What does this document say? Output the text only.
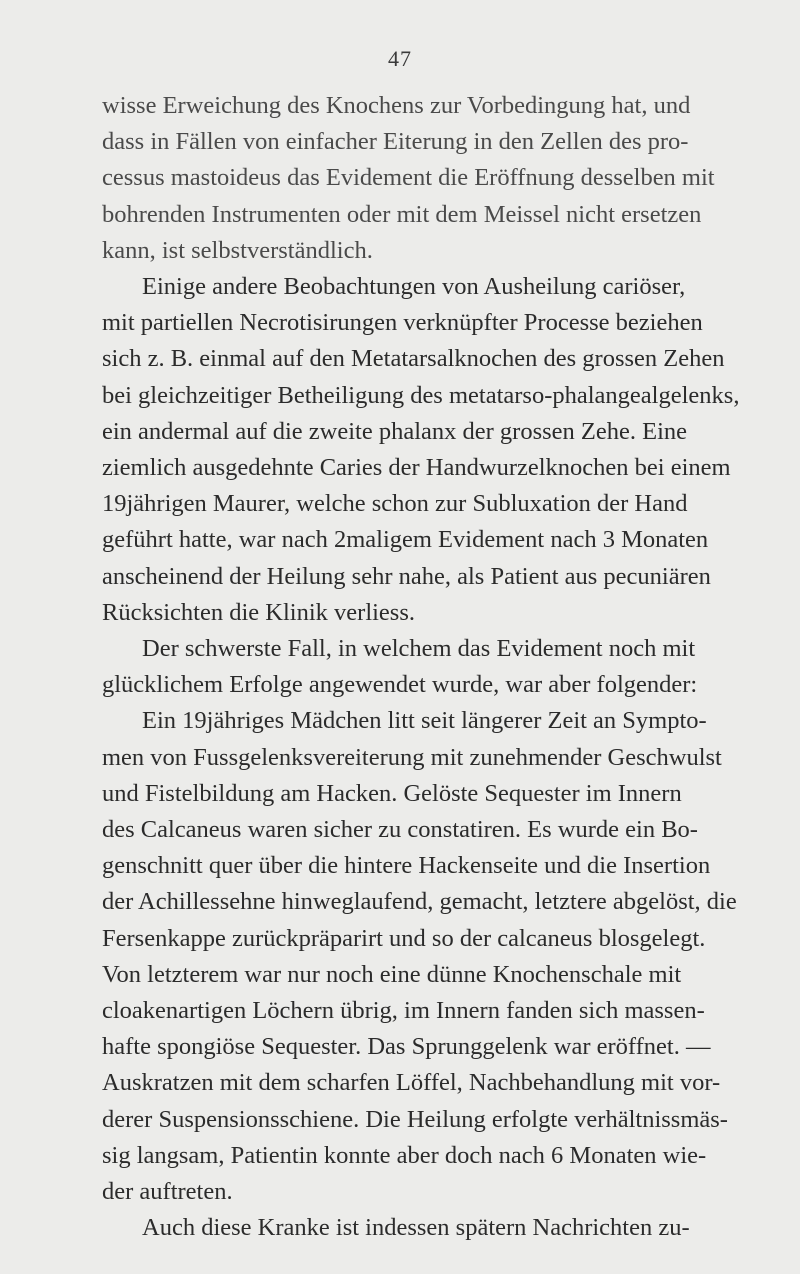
47
wisse Erweichung des Knochens zur Vorbedingung hat, und
dass in Fällen von einfacher Eiterung in den Zellen des pro-
cessus mastoideus das Evidement die Eröffnung desselben mit
bohrenden Instrumenten oder mit dem Meissel nicht ersetzen
kann, ist selbstverständlich.
Einige andere Beobachtungen von Ausheilung cariöser,
mit partiellen Necrotisirungen verknüpfter Processe beziehen
sich z. B. einmal auf den Metatarsalknochen des grossen Zehen
bei gleichzeitiger Betheiligung des metatarso-phalangealgelenks,
ein andermal auf die zweite phalanx der grossen Zehe. Eine
ziemlich ausgedehnte Caries der Handwurzelknochen bei einem
19jährigen Maurer, welche schon zur Subluxation der Hand
geführt hatte, war nach 2maligem Evidement nach 3 Monaten
anscheinend der Heilung sehr nahe, als Patient aus pecuniären
Rücksichten die Klinik verliess.
Der schwerste Fall, in welchem das Evidement noch mit
glücklichem Erfolge angewendet wurde, war aber folgender:
Ein 19jähriges Mädchen litt seit längerer Zeit an Sympto-
men von Fussgelenksvereiterung mit zunehmender Geschwulst
und Fistelbildung am Hacken. Gelöste Sequester im Innern
des Calcaneus waren sicher zu constatiren. Es wurde ein Bo-
genschnitt quer über die hintere Hackenseite und die Insertion
der Achillessehne hinweglaufend, gemacht, letztere abgelöst, die
Fersenkappe zurückpräparirt und so der calcaneus blosgelegt.
Von letzterem war nur noch eine dünne Knochenschale mit
cloakenartigen Löchern übrig, im Innern fanden sich massen-
hafte spongiöse Sequester. Das Sprunggelenk war eröffnet. —
Auskratzen mit dem scharfen Löffel, Nachbehandlung mit vor-
derer Suspensionsschiene. Die Heilung erfolgte verhältnissmäs-
sig langsam, Patientin konnte aber doch nach 6 Monaten wie-
der auftreten.
Auch diese Kranke ist indessen spätern Nachrichten zu-
